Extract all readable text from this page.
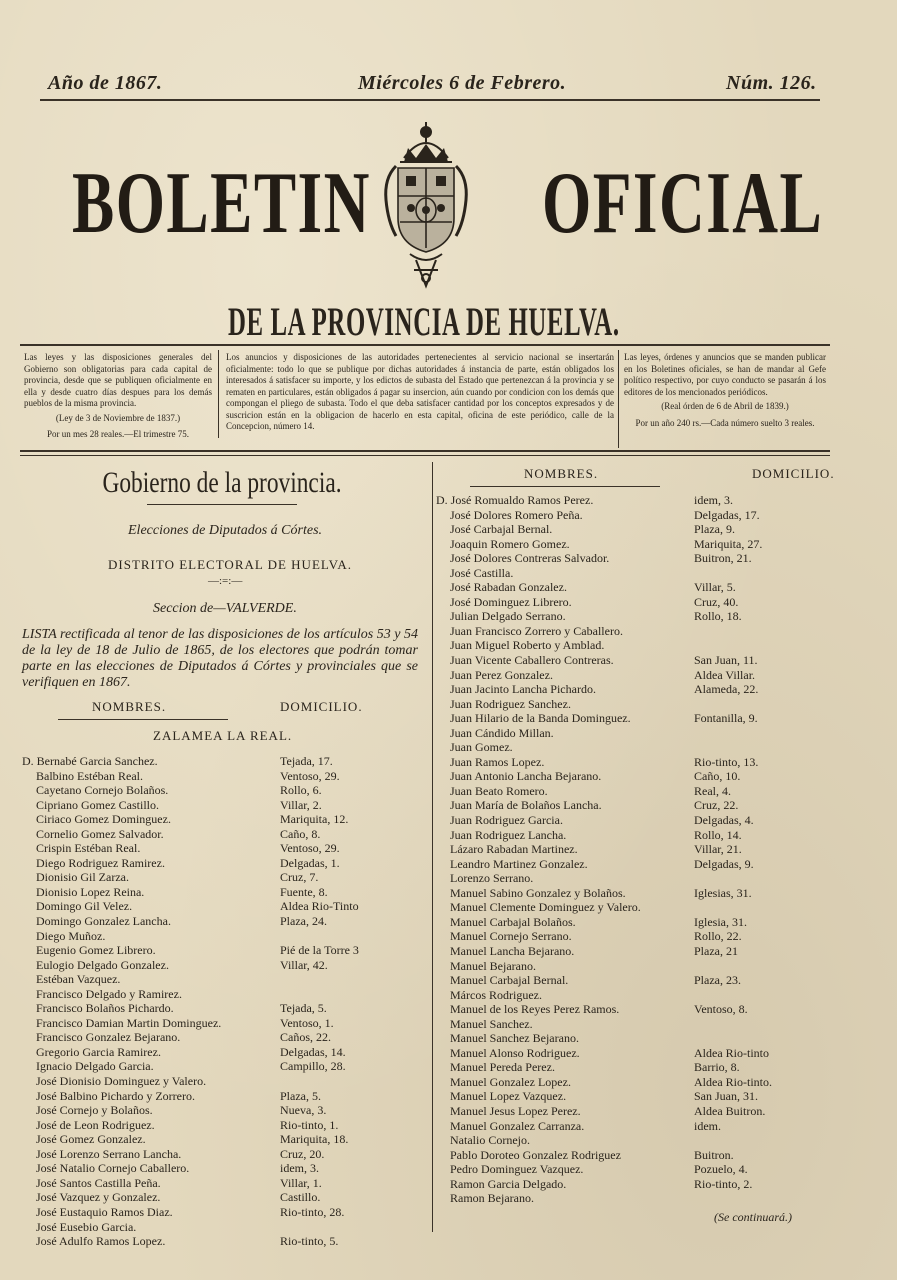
Año de 1867.	Miércoles 6 de Febrero.	Núm. 126.
BOLETIN OFICIAL
DE LA PROVINCIA DE HUELVA.
Las leyes y las disposiciones generales del Gobierno son obligatorias para cada capital de provincia, desde que se publiquen oficialmente en ella y desde cuatro días despues para los demás pueblos de la misma provincia.
(Ley de 3 de Noviembre de 1837.)
Por un mes 28 reales.—El trimestre 75.
Los anuncios y disposiciones de las autoridades pertenecientes al servicio nacional se insertarán oficialmente: todo lo que se publique por dichas autoridades á instancia de parte, están obligados los interesados á satisfacer su importe, y los edictos de subasta del Estado que pertenezcan á la provincia y se rematen en particulares, están obligados á pagar su insercion, aún cuando por condicion con los demás que compongan el pliego de subasta. Todo el que deba satisfacer cantidad por los conceptos expresados y de suscricion están en la obligacion de hacerlo en esta capital, oficina de este periódico, calle de la Concepcion, número 14.
Las leyes, órdenes y anuncios que se manden publicar en los Boletines oficiales, se han de mandar al Gefe político respectivo, por cuyo conducto se pasarán á los editores de los mencionados periódicos.
(Real órden de 6 de Abril de 1839.)
Por un año 240 rs.—Cada número suelto 3 reales.
Gobierno de la provincia.
Elecciones de Diputados á Córtes.
DISTRITO ELECTORAL DE HUELVA.
—:=:—
Seccion de—VALVERDE.
LISTA rectificada al tenor de las disposiciones de los artículos 53 y 54 de la ley de 18 de Julio de 1865, de los electores que podrán tomar parte en las elecciones de Diputados á Córtes y provinciales que se verifiquen en 1867.
NOMBRES.	DOMICILIO.
ZALAMEA LA REAL.
D. Bernabé Garcia Sanchez.	Tejada, 17.
Balbino Estéban Real.	Ventoso, 29.
Cayetano Cornejo Bolaños.	Rollo, 6.
Cipriano Gomez Castillo.	Villar, 2.
Ciriaco Gomez Dominguez.	Mariquita, 12.
Cornelio Gomez Salvador.	Caño, 8.
Crispin Estéban Real.	Ventoso, 29.
Diego Rodriguez Ramirez.	Delgadas, 1.
Dionisio Gil Zarza.	Cruz, 7.
Dionisio Lopez Reina.	Fuente, 8.
Domingo Gil Velez.	Aldea Rio-Tinto
Domingo Gonzalez Lancha.	Plaza, 24.
Diego Muñoz.
Eugenio Gomez Librero.	Pié de la Torre 3
Eulogio Delgado Gonzalez.	Villar, 42.
Estéban Vazquez.
Francisco Delgado y Ramirez.
Francisco Bolaños Pichardo.	Tejada, 5.
Francisco Damian Martin Dominguez.	Ventoso, 1.
Francisco Gonzalez Bejarano.	Caños, 22.
Gregorio Garcia Ramirez.	Delgadas, 14.
Ignacio Delgado Garcia.	Campillo, 28.
José Dionisio Dominguez y Valero.
José Balbino Pichardo y Zorrero.	Plaza, 5.
José Cornejo y Bolaños.	Nueva, 3.
José de Leon Rodriguez.	Rio-tinto, 1.
José Gomez Gonzalez.	Mariquita, 18.
José Lorenzo Serrano Lancha.	Cruz, 20.
José Natalio Cornejo Caballero.	idem, 3.
José Santos Castilla Peña.	Villar, 1.
José Vazquez y Gonzalez.	Castillo.
José Eustaquio Ramos Diaz.	Rio-tinto, 28.
José Eusebio Garcia.
José Adulfo Ramos Lopez.	Rio-tinto, 5.
NOMBRES.	DOMICILIO.
D. José Romualdo Ramos Perez.	idem, 3.
José Dolores Romero Peña.	Delgadas, 17.
José Carbajal Bernal.	Plaza, 9.
Joaquin Romero Gomez.	Mariquita, 27.
José Dolores Contreras Salvador.	Buitron, 21.
José Castilla.
José Rabadan Gonzalez.	Villar, 5.
José Dominguez Librero.	Cruz, 40.
Julian Delgado Serrano.	Rollo, 18.
Juan Francisco Zorrero y Caballero.
Juan Miguel Roberto y Amblad.
Juan Vicente Caballero Contreras.	San Juan, 11.
Juan Perez Gonzalez.	Aldea Villar.
Juan Jacinto Lancha Pichardo.	Alameda, 22.
Juan Rodriguez Sanchez.
Juan Hilario de la Banda Dominguez.	Fontanilla, 9.
Juan Cándido Millan.
Juan Gomez.
Juan Ramos Lopez.	Rio-tinto, 13.
Juan Antonio Lancha Bejarano.	Caño, 10.
Juan Beato Romero.	Real, 4.
Juan María de Bolaños Lancha.	Cruz, 22.
Juan Rodriguez Garcia.	Delgadas, 4.
Juan Rodriguez Lancha.	Rollo, 14.
Lázaro Rabadan Martinez.	Villar, 21.
Leandro Martinez Gonzalez.	Delgadas, 9.
Lorenzo Serrano.
Manuel Sabino Gonzalez y Bolaños.	Iglesias, 31.
Manuel Clemente Dominguez y Valero.
Manuel Carbajal Bolaños.	Iglesia, 31.
Manuel Cornejo Serrano.	Rollo, 22.
Manuel Lancha Bejarano.	Plaza, 21
Manuel Bejarano.
Manuel Carbajal Bernal.	Plaza, 23.
Márcos Rodriguez.
Manuel de los Reyes Perez Ramos.	Ventoso, 8.
Manuel Sanchez.
Manuel Sanchez Bejarano.
Manuel Alonso Rodriguez.	Aldea Rio-tinto
Manuel Pereda Perez.	Barrio, 8.
Manuel Gonzalez Lopez.	Aldea Rio-tinto.
Manuel Lopez Vazquez.	San Juan, 31.
Manuel Jesus Lopez Perez.	Aldea Buitron.
Manuel Gonzalez Carranza.	idem.
Natalio Cornejo.
Pablo Doroteo Gonzalez Rodriguez	Buitron.
Pedro Dominguez Vazquez.	Pozuelo, 4.
Ramon Garcia Delgado.	Rio-tinto, 2.
Ramon Bejarano.
(Se continuará.)
